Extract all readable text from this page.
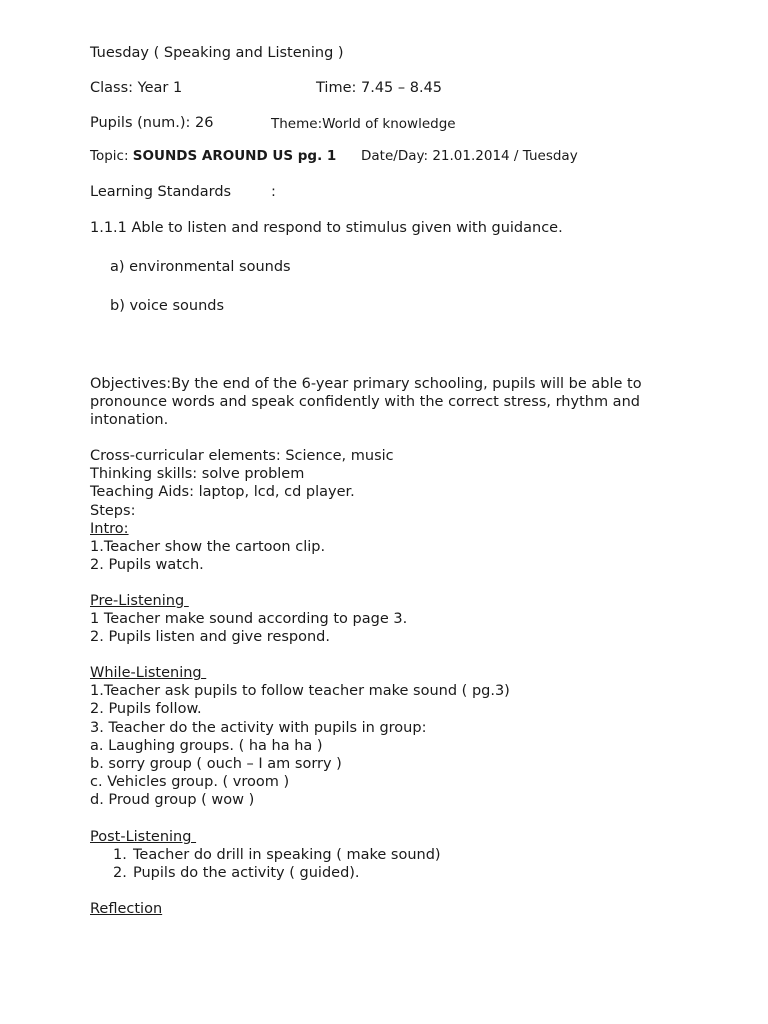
Tuesday ( Speaking and Listening )
Class: Year 1	Time: 7.45 – 8.45
Pupils (num.): 26	Theme:World of knowledge
Topic: SOUNDS AROUND US pg. 1 Date/Day: 21.01.2014 / Tuesday
Learning Standards	:
1.1.1 Able to listen and respond to stimulus given with guidance.
a) environmental sounds
b) voice sounds

Objectives:By the end of the 6-year primary schooling, pupils will be able to pronounce words and speak confidently with the correct stress, rhythm and intonation.

Cross-curricular elements: Science, music

Thinking skills: solve problem

Teaching Aids: laptop, lcd, cd player.

Steps:

Intro:

1.Teacher show the cartoon clip.

2. Pupils watch.

Pre-Listening

1 Teacher make sound according to page 3.

2. Pupils listen and give respond.

While-Listening

1.Teacher ask pupils to follow teacher make sound ( pg.3)

2. Pupils follow.

3. Teacher do the activity with pupils in group:

a. Laughing groups. ( ha ha ha )

b. sorry group ( ouch – I am sorry )

c. Vehicles group. ( vroom )

d. Proud group ( wow )

Post-Listening

1. Teacher do drill in speaking ( make sound)
2. Pupils do the activity ( guided).
Reflection
